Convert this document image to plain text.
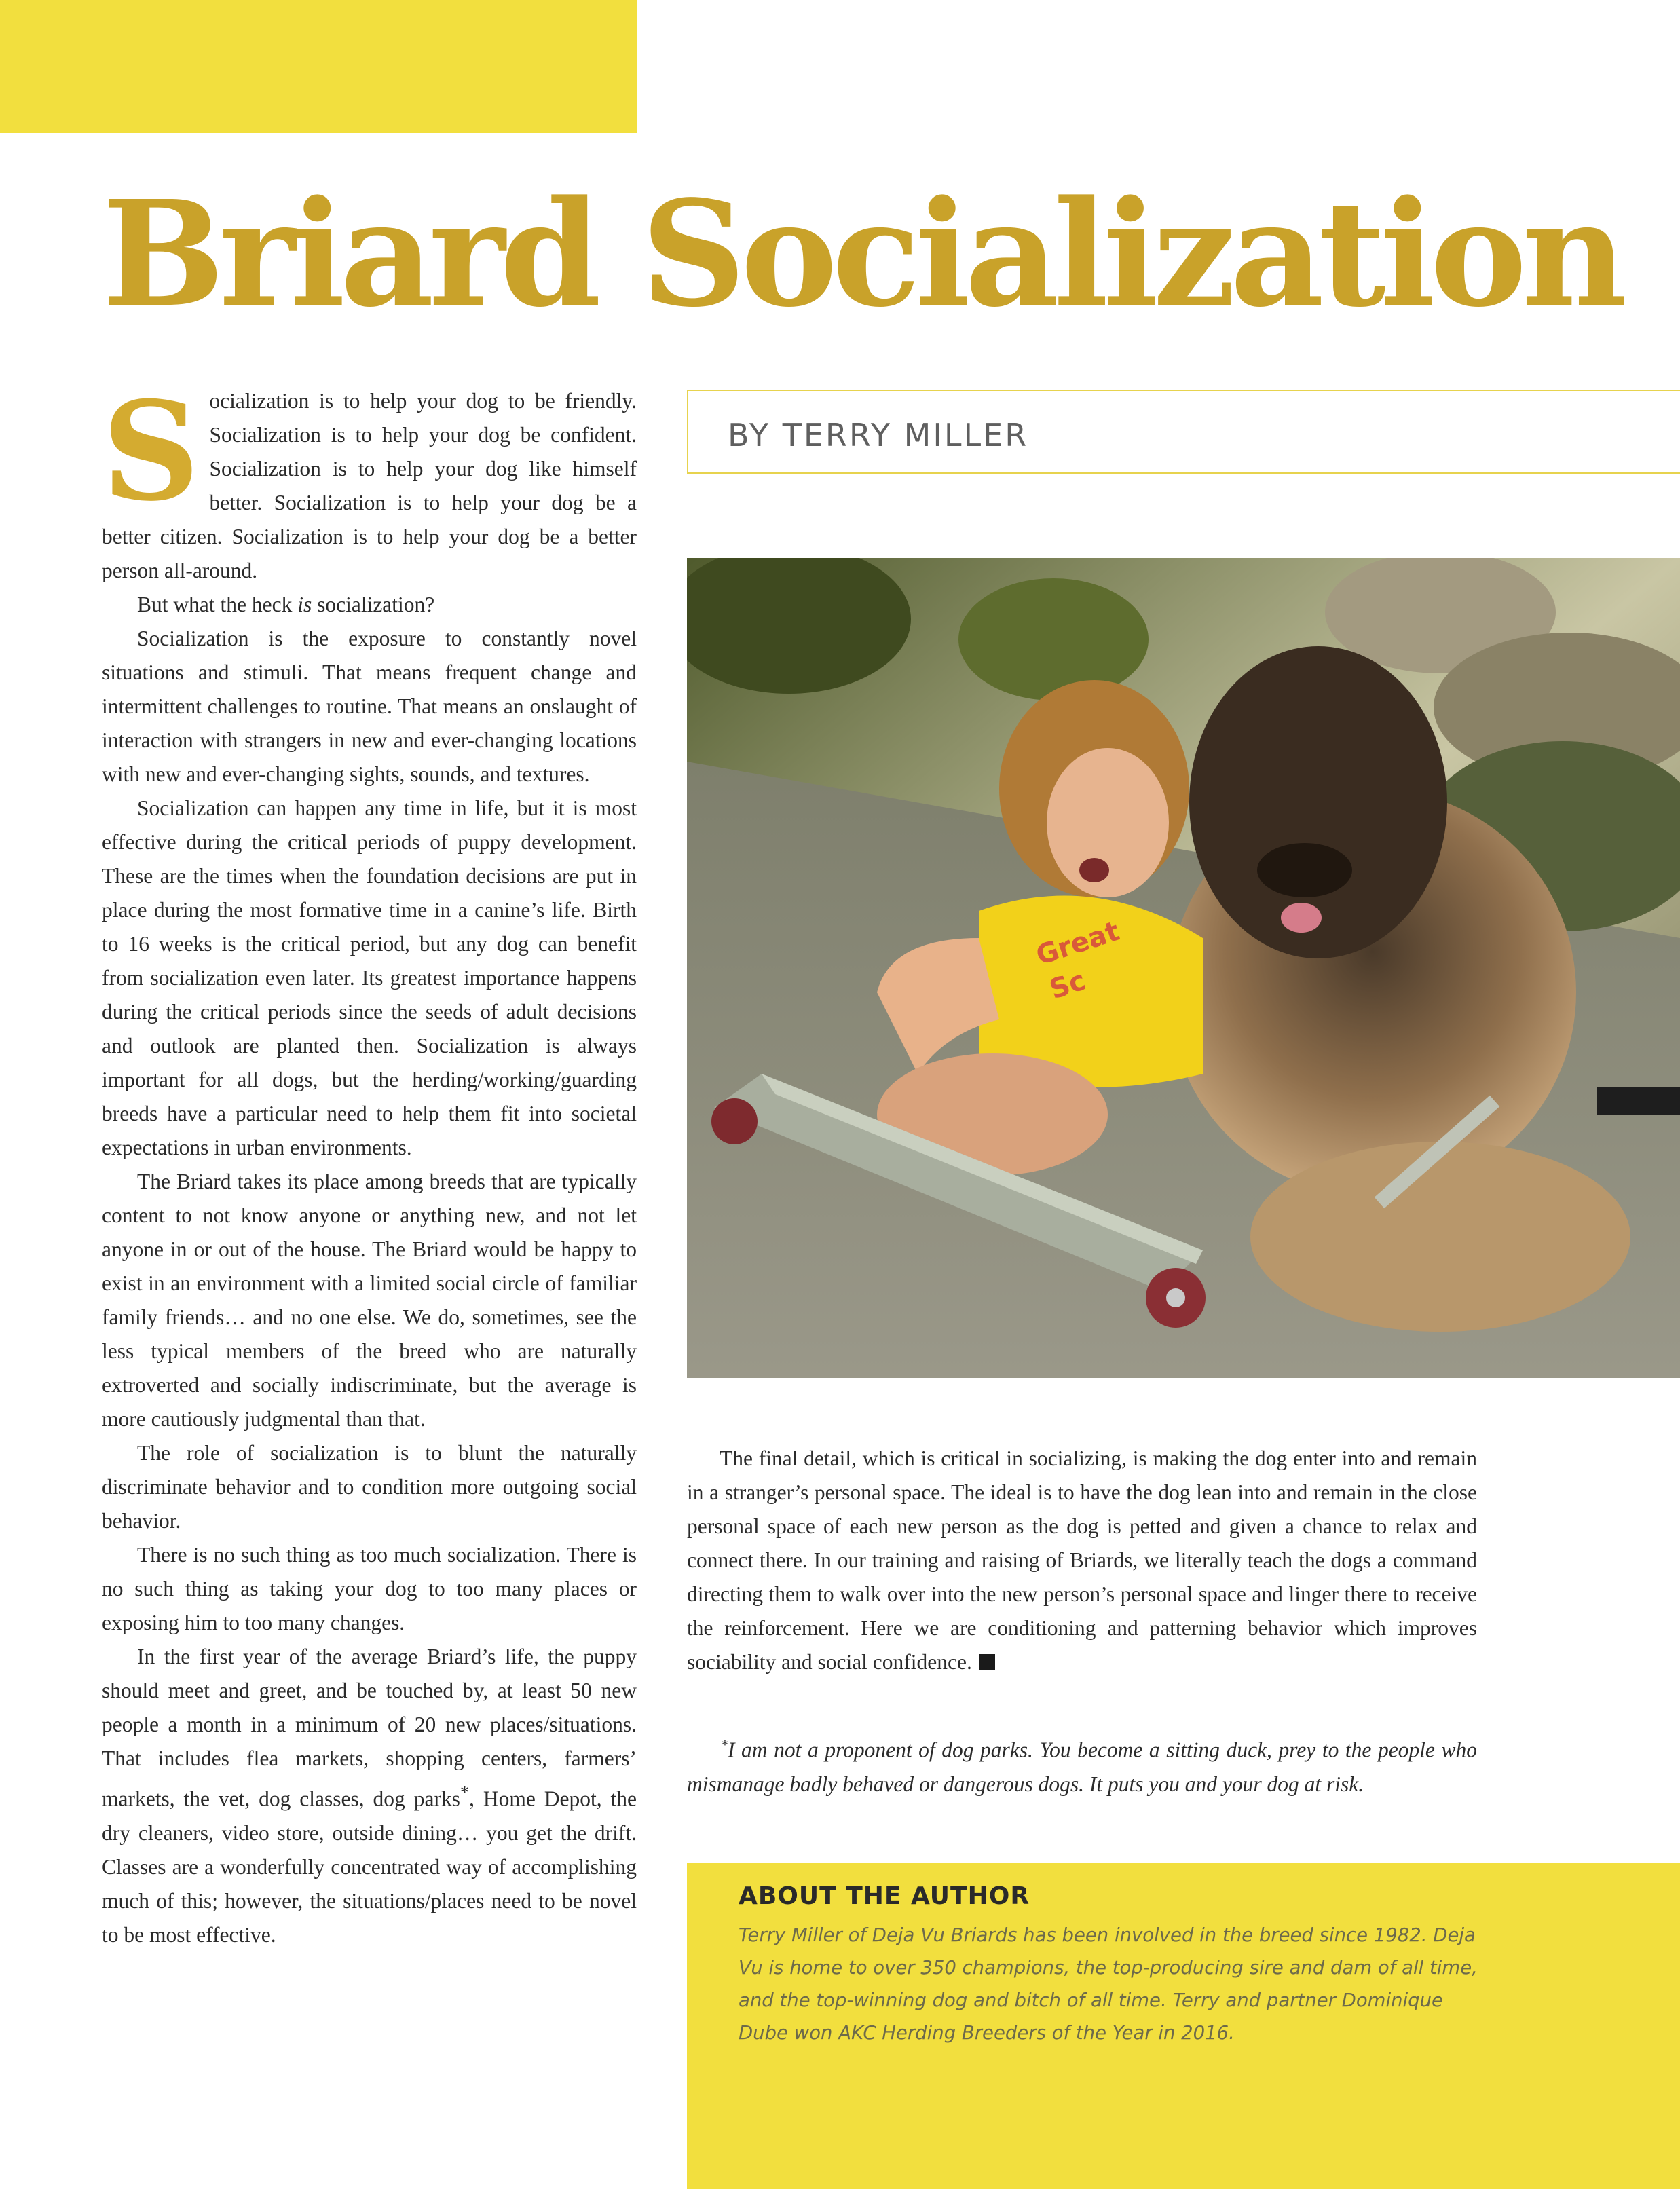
Briard Socialization
BY TERRY MILLER

Socialization is to help your dog to be friendly. Socialization is to help your dog be confident. Socialization is to help your dog like himself better. Socialization is to help your dog be a better citizen. Socialization is to help your dog be a better person all-around.

But what the heck is socialization?

Socialization is the exposure to constantly novel situations and stimuli. That means frequent change and intermittent challenges to routine. That means an onslaught of interaction with strangers in new and ever-changing locations with new and ever-changing sights, sounds, and textures.

Socialization can happen any time in life, but it is most effective during the critical periods of puppy development. These are the times when the foundation decisions are put in place during the most formative time in a canine’s life. Birth to 16 weeks is the critical period, but any dog can benefit from socialization even later. Its greatest importance happens during the critical periods since the seeds of adult decisions and outlook are planted then. Socialization is always important for all dogs, but the herding/working/guarding breeds have a particular need to help them fit into societal expectations in urban environments.

The Briard takes its place among breeds that are typically content to not know anyone or anything new, and not let anyone in or out of the house. The Briard would be happy to exist in an environment with a limited social circle of familiar family friends… and no one else. We do, sometimes, see the less typical members of the breed who are naturally extroverted and socially indiscriminate, but the average is more cautiously judgmental than that.

The role of socialization is to blunt the naturally discriminate behavior and to condition more outgoing social behavior.

There is no such thing as too much socialization. There is no such thing as taking your dog to too many places or exposing him to too many changes.

In the first year of the average Briard’s life, the puppy should meet and greet, and be touched by, at least 50 new people a month in a minimum of 20 new places/situations. That includes flea markets, shopping centers, farmers’ markets, the vet, dog classes, dog parks*, Home Depot, the dry cleaners, video store, outside dining… you get the drift. Classes are a wonderfully concentrated way of accomplishing much of this; however, the situations/places need to be novel to be most effective.

Great
Sc

The final detail, which is critical in socializing, is making the dog enter into and remain in a stranger’s personal space. The ideal is to have the dog lean into and remain in the close personal space of each new person as the dog is petted and given a chance to relax and connect there. In our training and raising of Briards, we literally teach the dogs a command directing them to walk over into the new person’s personal space and linger there to receive the reinforcement. Here we are conditioning and patterning behavior which improves sociability and social confidence.

*I am not a proponent of dog parks. You become a sitting duck, prey to the people who mismanage badly behaved or dangerous dogs. It puts you and your dog at risk.

ABOUT THE AUTHOR

Terry Miller of Deja Vu Briards has been involved in the breed since 1982. Deja Vu is home to over 350 champions, the top-producing sire and dam of all time, and the top-winning dog and bitch of all time. Terry and partner Dominique Dube won AKC Herding Breeders of the Year in 2016.
